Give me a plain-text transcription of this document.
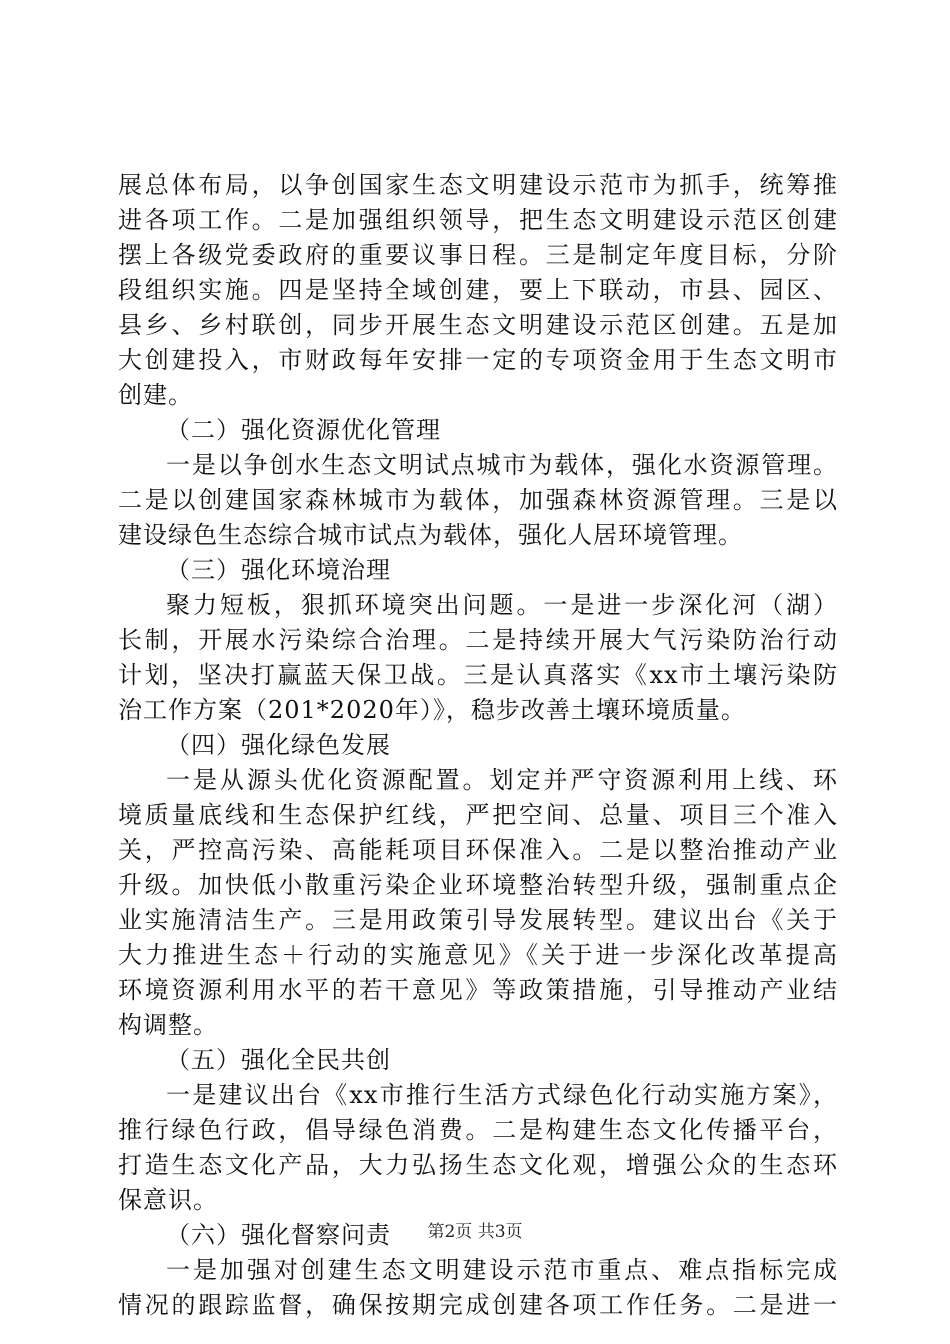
展总体布局，以争创国家生态文明建设示范市为抓手，统筹推
进各项工作。二是加强组织领导，把生态文明建设示范区创建
摆上各级党委政府的重要议事日程。三是制定年度目标，分阶
段组织实施。四是坚持全域创建，要上下联动，市县、园区、
县乡、乡村联创，同步开展生态文明建设示范区创建。五是加
大创建投入，市财政每年安排一定的专项资金用于生态文明市
创建。
（二）强化资源优化管理
一是以争创水生态文明试点城市为载体，强化水资源管理。
二是以创建国家森林城市为载体，加强森林资源管理。三是以
建设绿色生态综合城市试点为载体，强化人居环境管理。
（三）强化环境治理
聚力短板，狠抓环境突出问题。一是进一步深化河（湖）
长制，开展水污染综合治理。二是持续开展大气污染防治行动
计划，坚决打赢蓝天保卫战。三是认真落实《xx市土壤污染防
治工作方案（201*2020年）》，稳步改善土壤环境质量。
（四）强化绿色发展
一是从源头优化资源配置。划定并严守资源利用上线、环
境质量底线和生态保护红线，严把空间、总量、项目三个准入
关，严控高污染、高能耗项目环保准入。二是以整治推动产业
升级。加快低小散重污染企业环境整治转型升级，强制重点企
业实施清洁生产。三是用政策引导发展转型。建议出台《关于
大力推进生态＋行动的实施意见》《关于进一步深化改革提高
环境资源利用水平的若干意见》等政策措施，引导推动产业结
构调整。
（五）强化全民共创
一是建议出台《xx市推行生活方式绿色化行动实施方案》，
推行绿色行政，倡导绿色消费。二是构建生态文化传播平台，
打造生态文化产品，大力弘扬生态文化观，增强公众的生态环
保意识。
（六）强化督察问责
一是加强对创建生态文明建设示范市重点、难点指标完成
情况的跟踪监督，确保按期完成创建各项工作任务。二是进一
第2页 共3页
